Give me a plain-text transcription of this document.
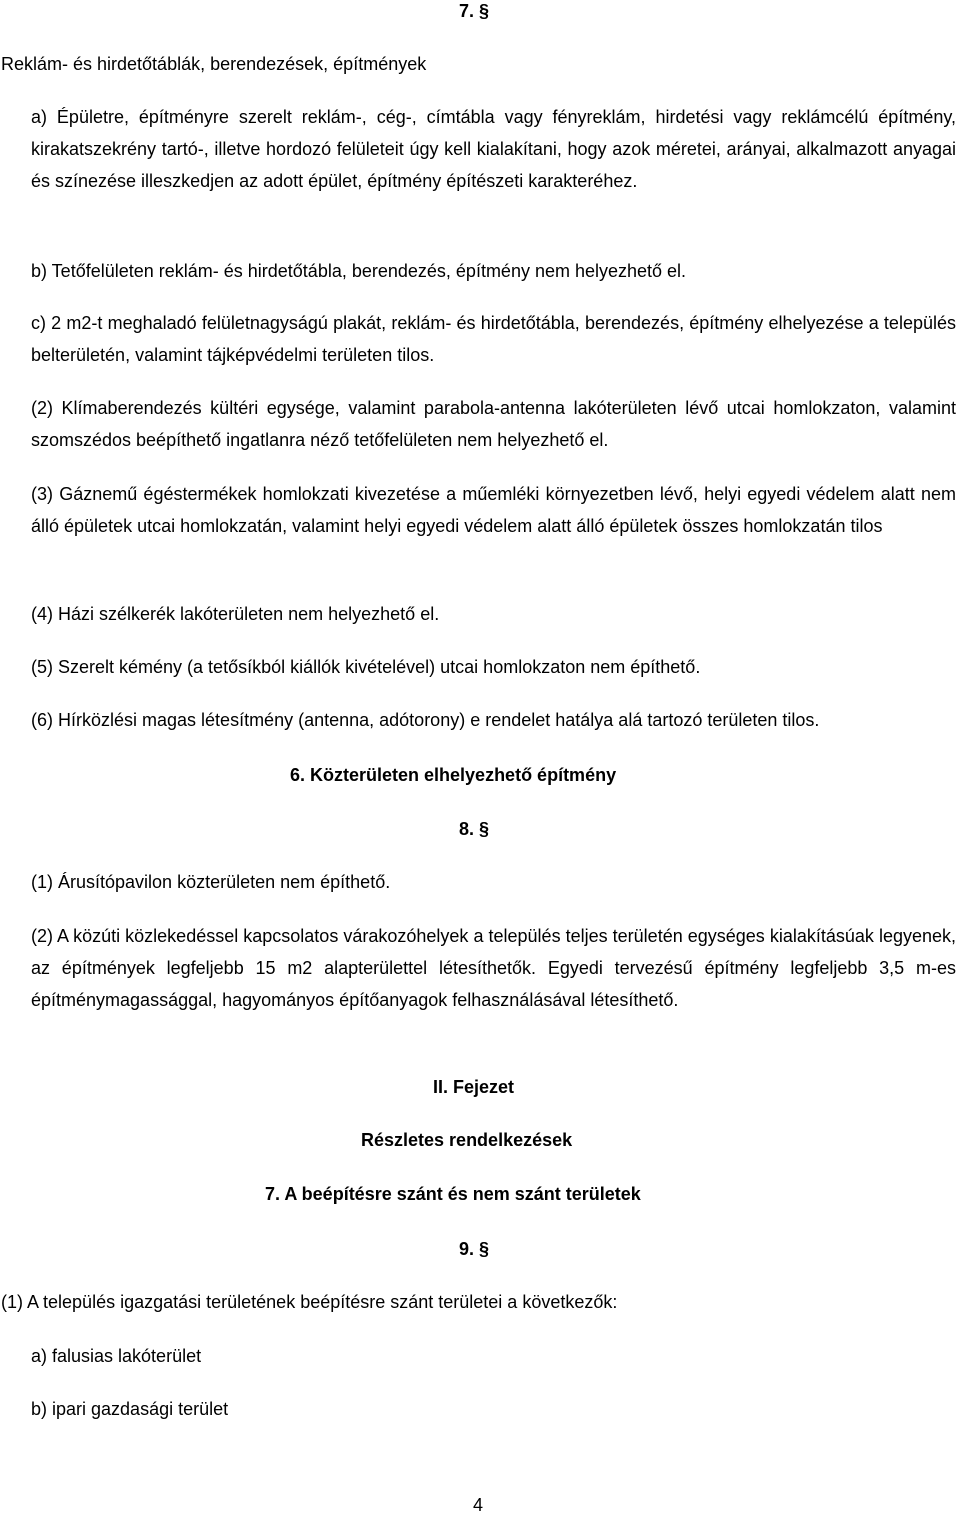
7. §
Reklám- és hirdetőtáblák, berendezések, építmények
a) Épületre, építményre szerelt reklám-, cég-, címtábla vagy fényreklám, hirdetési vagy reklámcélú építmény, kirakatszekrény tartó-, illetve hordozó felületeit úgy kell kialakítani, hogy azok méretei, arányai, alkalmazott anyagai és színezése illeszkedjen az adott épület, építmény építészeti karakteréhez.
b) Tetőfelületen reklám- és hirdetőtábla, berendezés, építmény nem helyezhető el.
c) 2 m2-t meghaladó felületnagyságú plakát, reklám- és hirdetőtábla, berendezés, építmény elhelyezése a település belterületén, valamint tájképvédelmi területen tilos.
(2) Klímaberendezés kültéri egysége, valamint parabola-antenna lakóterületen lévő utcai homlokzaton, valamint szomszédos beépíthető ingatlanra néző tetőfelületen nem helyezhető el.
(3) Gáznemű égéstermékek homlokzati kivezetése a műemléki környezetben lévő, helyi egyedi védelem alatt nem álló épületek utcai homlokzatán, valamint helyi egyedi védelem alatt álló épületek összes homlokzatán tilos
(4) Házi szélkerék lakóterületen nem helyezhető el.
(5) Szerelt kémény (a tetősíkból kiállók kivételével) utcai homlokzaton nem építhető.
(6) Hírközlési magas létesítmény (antenna, adótorony) e rendelet hatálya alá tartozó területen tilos.
6. Közterületen elhelyezhető építmény
8. §
(1) Árusítópavilon közterületen nem építhető.
(2) A közúti közlekedéssel kapcsolatos várakozóhelyek a település teljes területén egységes kialakításúak legyenek, az építmények legfeljebb 15 m2 alapterülettel létesíthetők. Egyedi tervezésű építmény legfeljebb 3,5 m-es építménymagassággal, hagyományos építőanyagok felhasználásával létesíthető.
II. Fejezet
Részletes rendelkezések
7. A beépítésre szánt és nem szánt területek
9. §
(1) A település igazgatási területének beépítésre szánt területei a következők:
a) falusias lakóterület
b) ipari gazdasági terület
4
